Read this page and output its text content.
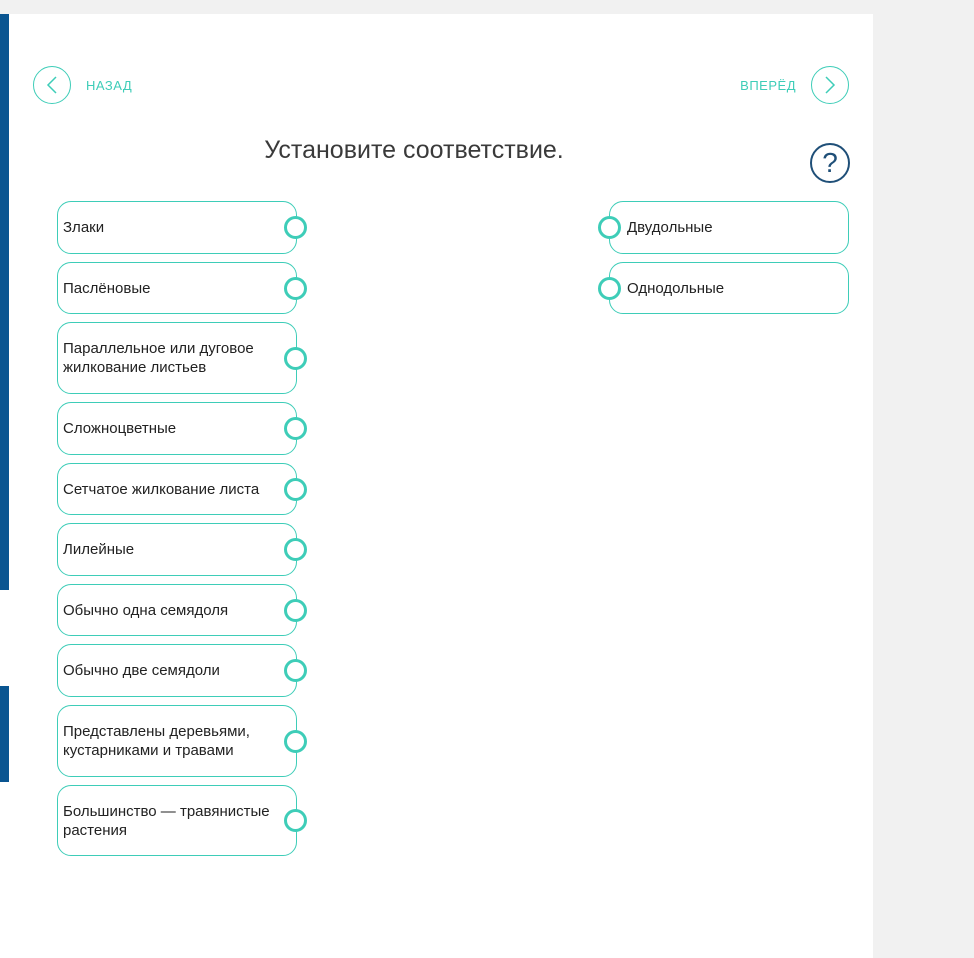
НАЗАД	ВПЕРЁД
Установите соответствие.	?
Злаки
Паслёновые
Параллельное или дуговое жилкование листьев
Сложноцветные
Сетчатое жилкование листа
Лилейные
Обычно одна семядоля
Обычно две семядоли
Представлены деревьями, кустарниками и травами
Большинство — травянистые растения
Двудольные
Однодольные
